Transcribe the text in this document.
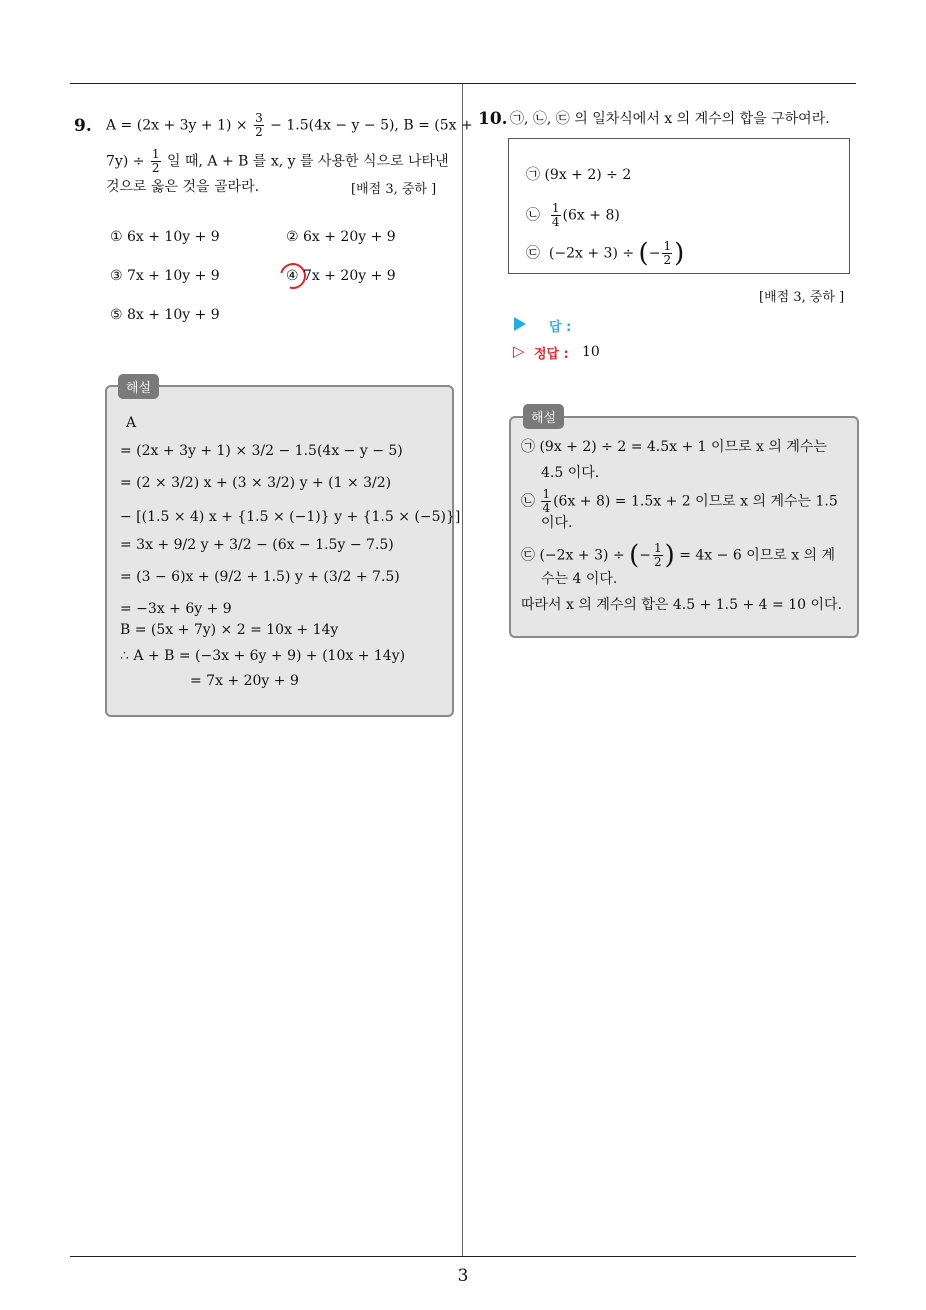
3
9. $A = (2x + 3y + 1) \times \frac{3}{2} - 1.5(4x - y - 5)$, B = (5x +
$7y) \div \frac{1}{2}$ 일 때, A + B 를 x, y 를 사용한 식으로 나타낸
것으로 옳은 것을 골라라.	[배점 3, 중하 ]
① 6x + 10y + 9	② 6x + 20y + 9
③ 7x + 10y + 9	④ 7x + 20y + 9
⑤ 8x + 10y + 9
해설
A
= (2x + 3y + 1) × 3/2 − 1.5(4x − y − 5)
= (2 × 3/2) x + (3 × 3/2) y + (1 × 3/2)
− [(1.5 × 4) x + {1.5 × (−1)} y + {1.5 × (−5)}]
= 3x + 9/2 y + 3/2 − (6x − 1.5y − 7.5)
= (3 − 6)x + (9/2 + 1.5) y + (3/2 + 7.5)
= −3x + 6y + 9
B = (5x + 7y) × 2 = 10x + 14y
∴ A + B = (−3x + 6y + 9) + (10x + 14y)
= 7x + 20y + 9
10. ㉠, ㉡, ㉢ 의 일차식에서 x 의 계수의 합을 구하여라.
㉠ (9x + 2) ÷ 2
㉡ $\frac{1}{4} (6x + 8)$
㉢ (−2x + 3) ÷ (− $\frac{1}{2}$ )
[배점 3, 중하 ]
답 :
▷ 정답 : 10
해설
㉠ (9x + 2) ÷ 2 = 4.5x + 1 이므로 x 의 계수는
4.5 이다.
㉡ $\frac{1}{4} (6x + 8) = 1.5x + 2$ 이므로 x 의 계수는 1.5
이다.
㉢ (−2x + 3) ÷ (− $\frac{1}{2}$ ) = 4x − 6 이므로 x 의 계
수는 4 이다.
따라서 x 의 계수의 합은 4.5 + 1.5 + 4 = 10 이다.
